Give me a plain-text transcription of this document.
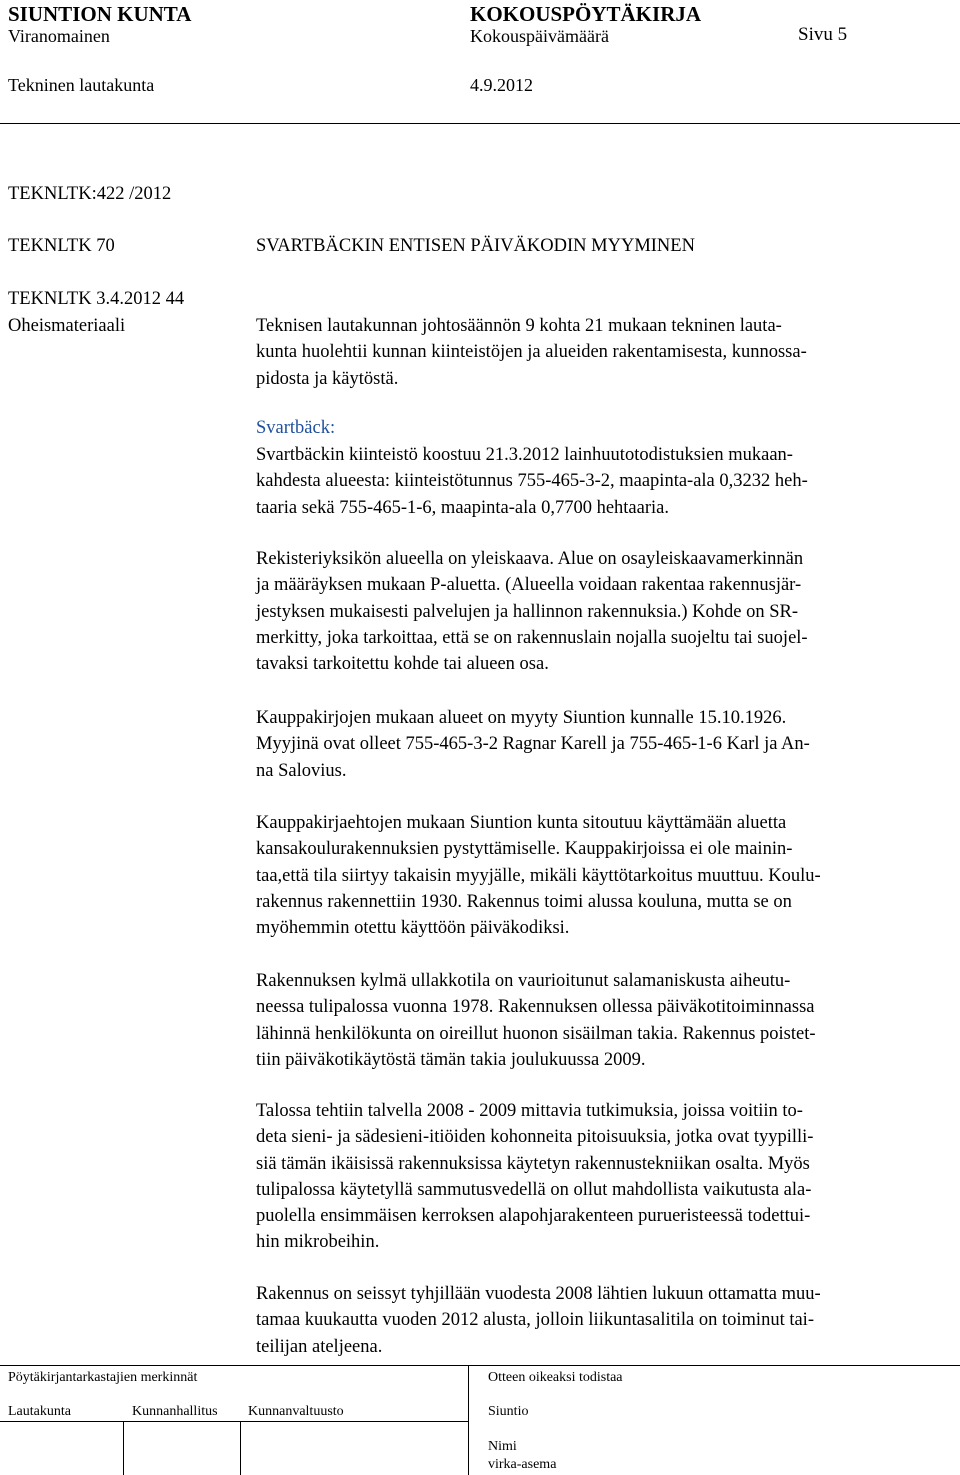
SIUNTION KUNTA
Viranomainen
Tekninen lautakunta
KOKOUSPÖYTÄKIRJA
Kokouspäivämäärä
4.9.2012
Sivu 5
TEKNLTK:422 /2012
TEKNLTK 70	SVARTBÄCKIN ENTISEN PÄIVÄKODIN MYYMINEN
TEKNLTK 3.4.2012 44
Oheismateriaali	Teknisen lautakunnan johtosäännön 9 kohta 21 mukaan tekninen lauta-

kunta huolehtii kunnan kiinteistöjen ja alueiden rakentamisesta, kunnossa-

pidosta ja käytöstä.

Svartbäck:

Svartbäckin kiinteistö koostuu 21.3.2012 lainhuutotodistuksien mukaan-

kahdesta alueesta: kiinteistötunnus 755-465-3-2, maapinta-ala 0,3232 heh-

taaria sekä 755-465-1-6, maapinta-ala 0,7700 hehtaaria.

Rekisteriyksikön alueella on yleiskaava. Alue on osayleiskaavamerkinnän

ja määräyksen mukaan P-aluetta. (Alueella voidaan rakentaa rakennusjär-

jestyksen mukaisesti palvelujen ja hallinnon rakennuksia.) Kohde on SR-

merkitty, joka tarkoittaa, että se on rakennuslain nojalla suojeltu tai suojel-

tavaksi tarkoitettu kohde tai alueen osa.

Kauppakirjojen mukaan alueet on myyty Siuntion kunnalle 15.10.1926.

Myyjinä ovat olleet 755-465-3-2 Ragnar Karell ja 755-465-1-6 Karl ja An-

na Salovius.

Kauppakirjaehtojen mukaan Siuntion kunta sitoutuu käyttämään aluetta

kansakoulurakennuksien pystyttämiselle. Kauppakirjoissa ei ole mainin-

taa,että tila siirtyy takaisin myyjälle, mikäli käyttötarkoitus muuttuu. Koulu-

rakennus rakennettiin 1930. Rakennus toimi alussa kouluna, mutta se on

myöhemmin otettu käyttöön päiväkodiksi.

Rakennuksen kylmä ullakkotila on vaurioitunut salamaniskusta aiheutu-

neessa tulipalossa vuonna 1978. Rakennuksen ollessa päiväkotitoiminnassa

lähinnä henkilökunta on oireillut huonon sisäilman takia. Rakennus poistet-

tiin päiväkotikäytöstä tämän takia joulukuussa 2009.

Talossa tehtiin talvella 2008 - 2009 mittavia tutkimuksia, joissa voitiin to-

deta sieni- ja sädesieni-itiöiden kohonneita pitoisuuksia, jotka ovat tyypilli-

siä tämän ikäisissä rakennuksissa käytetyn rakennustekniikan osalta. Myös

tulipalossa käytetyllä sammutusvedellä on ollut mahdollista vaikutusta ala-

puolella ensimmäisen kerroksen alapohjarakenteen purueristeessä todettui-

hin mikrobeihin.

Rakennus on seissyt tyhjillään vuodesta 2008 lähtien lukuun ottamatta muu-

tamaa kuukautta vuoden 2012 alusta, jolloin liikuntasalitila on toiminut tai-

teilijan ateljeena.

Pöytäkirjantarkastajien merkinnät	Otteen oikeaksi todistaa
Lautakunta	Kunnanhallitus Kunnanvaltuusto	Siuntio
Nimi
virka-asema
